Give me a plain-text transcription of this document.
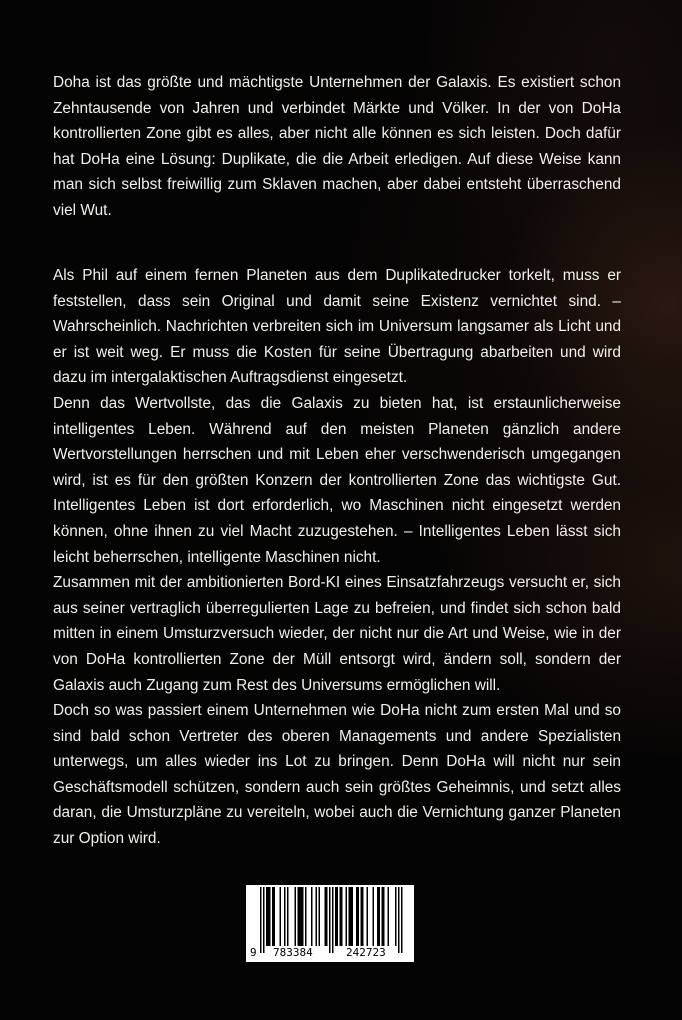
Doha ist das größte und mächtigste Unternehmen der Galaxis. Es existiert schon Zehntausende von Jahren und verbindet Märkte und Völker. In der von DoHa kontrollierten Zone gibt es alles, aber nicht alle können es sich leisten. Doch dafür hat DoHa eine Lösung: Duplikate, die die Arbeit erledigen. Auf diese Weise kann man sich selbst freiwillig zum Sklaven machen, aber dabei entsteht überraschend viel Wut.

Als Phil auf einem fernen Planeten aus dem Duplikatedrucker torkelt, muss er feststellen, dass sein Original und damit seine Existenz vernichtet sind. – Wahrscheinlich. Nachrichten verbreiten sich im Universum langsamer als Licht und er ist weit weg. Er muss die Kosten für seine Übertragung abarbeiten und wird dazu im intergalaktischen Auftragsdienst eingesetzt.

Denn das Wertvollste, das die Galaxis zu bieten hat, ist erstaunlicherweise intelligentes Leben. Während auf den meisten Planeten gänzlich andere Wertvorstellungen herrschen und mit Leben eher verschwenderisch umgegangen wird, ist es für den größten Konzern der kontrollierten Zone das wichtigste Gut. Intelligentes Leben ist dort erforderlich, wo Maschinen nicht eingesetzt werden können, ohne ihnen zu viel Macht zuzugestehen. – Intelligentes Leben lässt sich leicht beherrschen, intelligente Maschinen nicht.

Zusammen mit der ambitionierten Bord-KI eines Einsatzfahrzeugs versucht er, sich aus seiner vertraglich überregulierten Lage zu befreien, und findet sich schon bald mitten in einem Umsturzversuch wieder, der nicht nur die Art und Weise, wie in der von DoHa kontrollierten Zone der Müll entsorgt wird, ändern soll, sondern der Galaxis auch Zugang zum Rest des Universums ermöglichen will.

Doch so was passiert einem Unternehmen wie DoHa nicht zum ersten Mal und so sind bald schon Vertreter des oberen Managements und andere Spezialisten unterwegs, um alles wieder ins Lot zu bringen. Denn DoHa will nicht nur sein Geschäftsmodell schützen, sondern auch sein größtes Geheimnis, und setzt alles daran, die Umsturzpläne zu vereiteln, wobei auch die Vernichtung ganzer Planeten zur Option wird.

9 783384	242723
